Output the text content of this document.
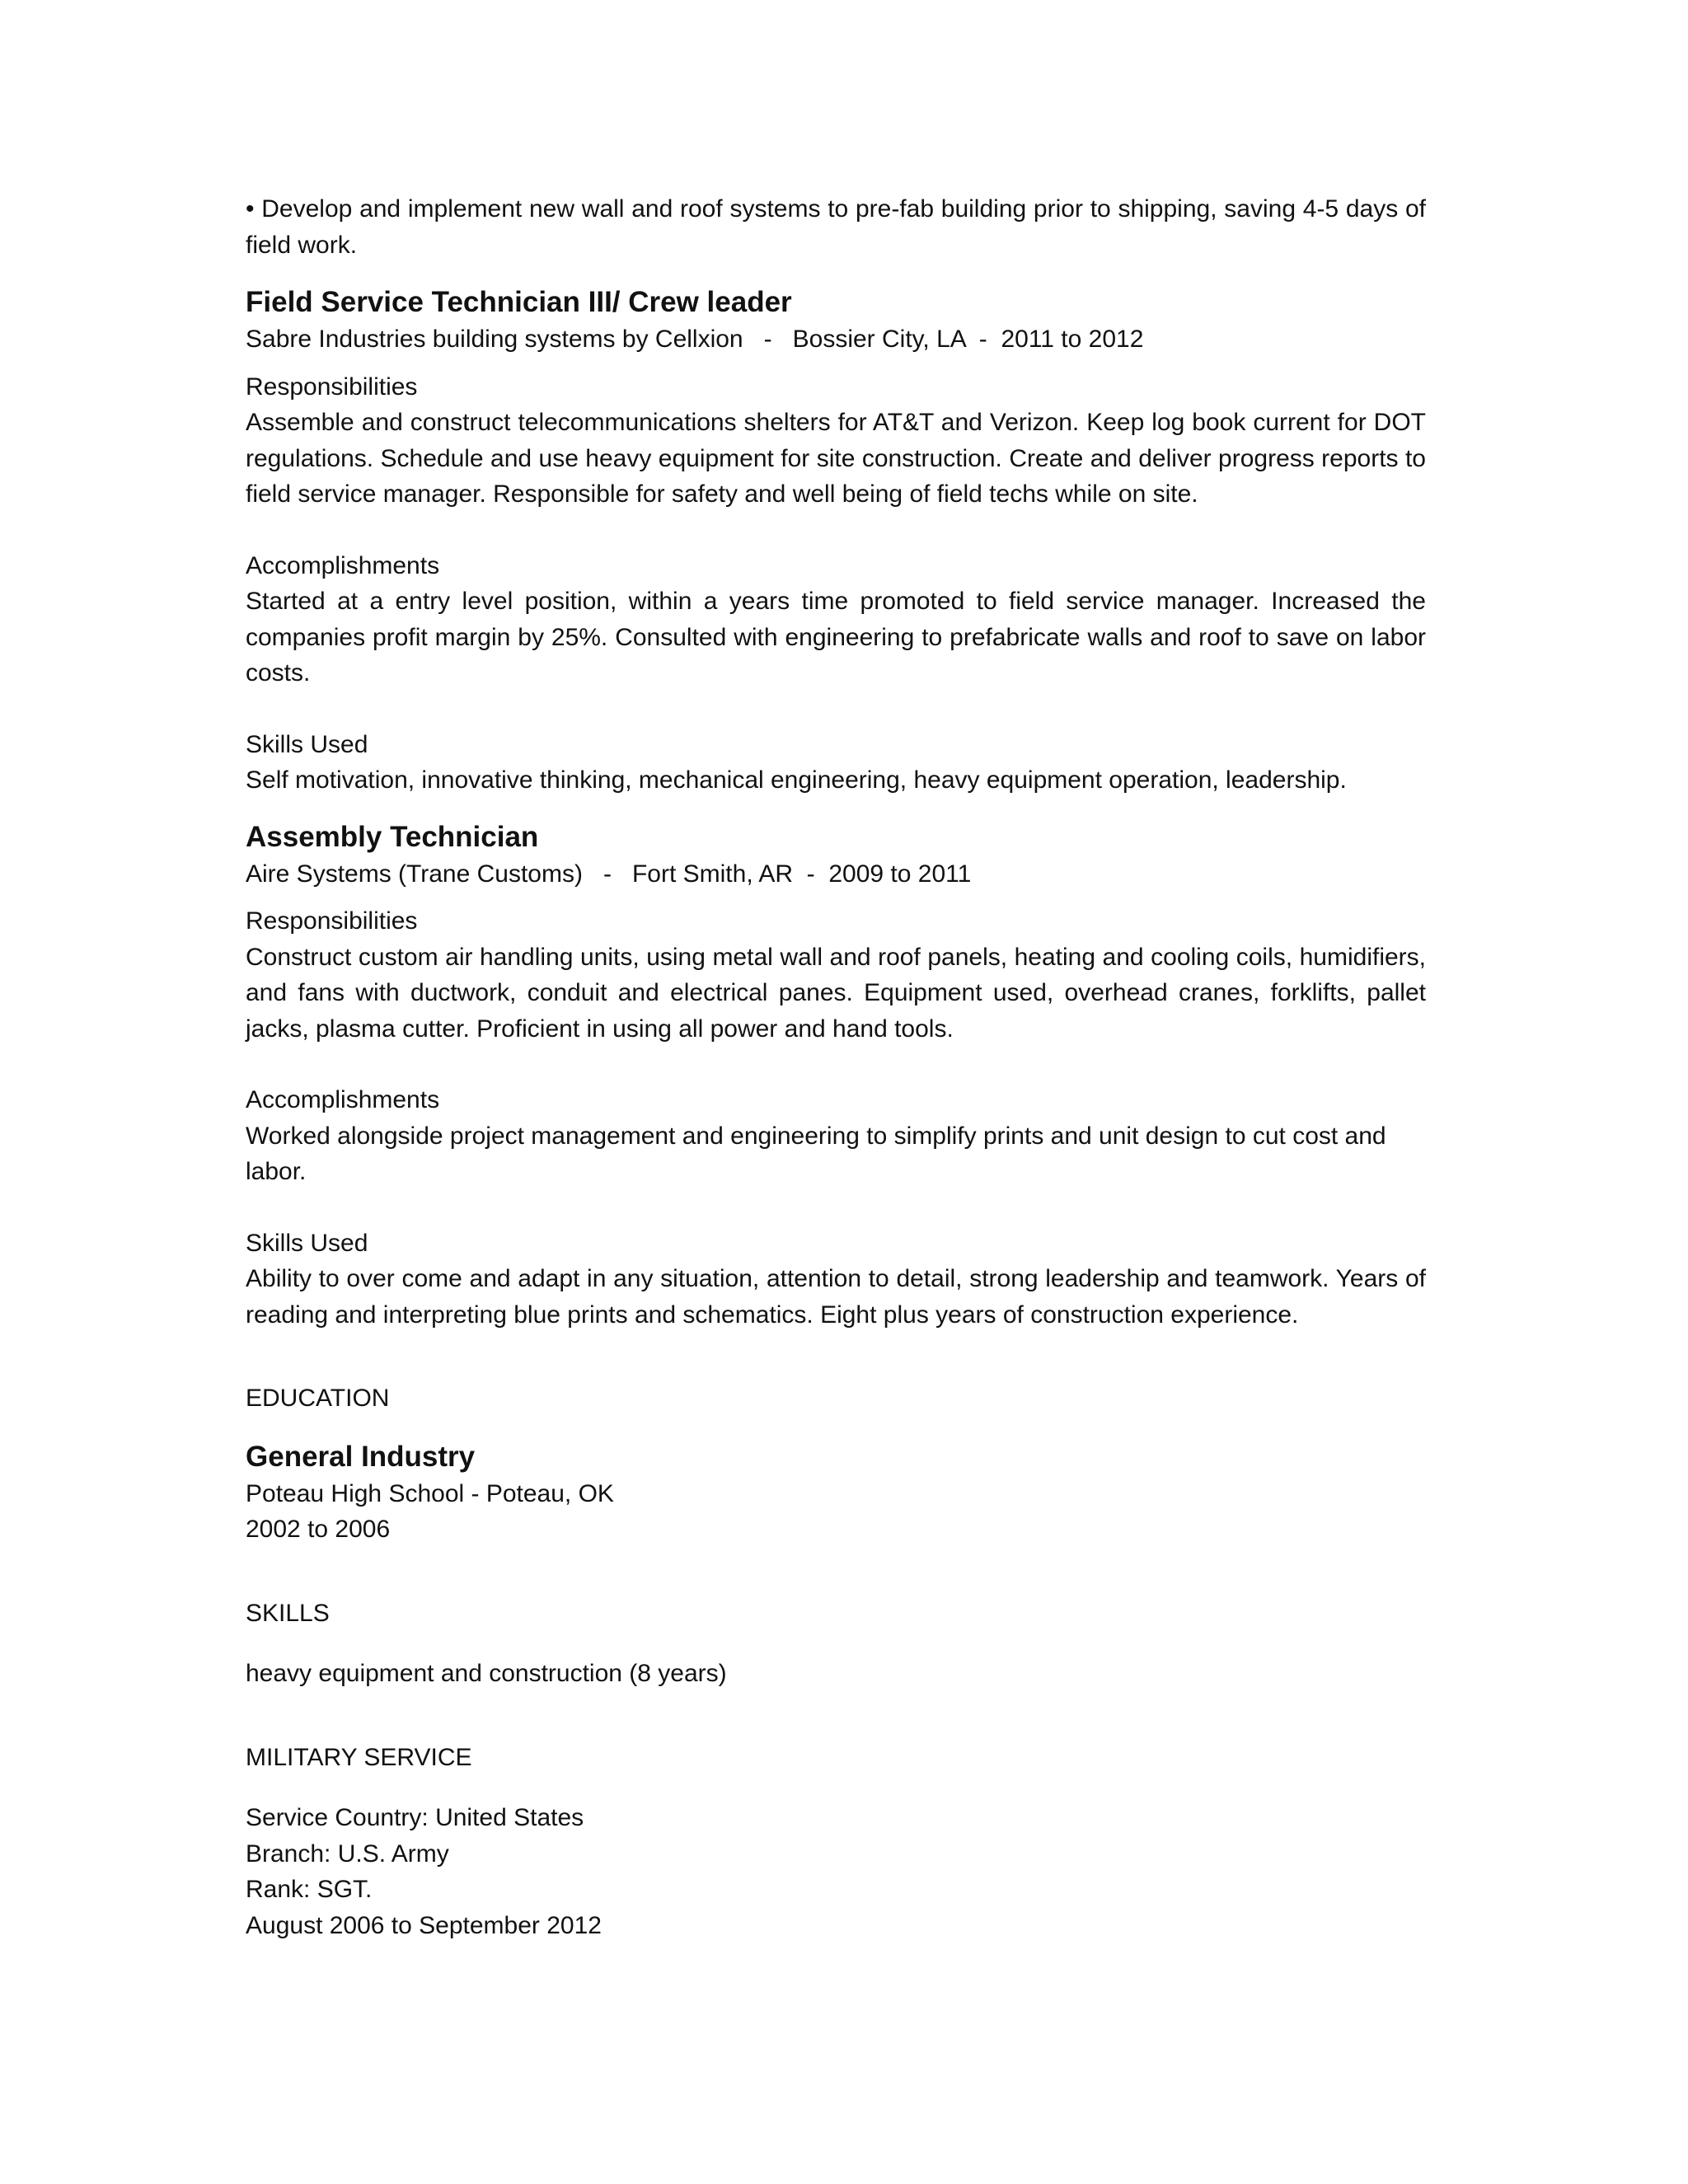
• Develop and implement new wall and roof systems to pre-fab building prior to shipping, saving 4-5 days of field work.

Field Service Technician III/ Crew leader

Sabre Industries building systems by Cellxion   -   Bossier City, LA  -  2011 to 2012

Responsibilities

Assemble and construct telecommunications shelters for AT&T and Verizon. Keep log book current for DOT regulations. Schedule and use heavy equipment for site construction. Create and deliver progress reports to field service manager. Responsible for safety and well being of field techs while on site.

Accomplishments

Started at a entry level position, within a years time promoted to field service manager. Increased the companies profit margin by 25%. Consulted with engineering to prefabricate walls and roof to save on labor costs.

Skills Used

Self motivation, innovative thinking, mechanical engineering, heavy equipment operation, leadership.

Assembly Technician

Aire Systems (Trane Customs)   -   Fort Smith, AR  -  2009 to 2011

Responsibilities

Construct custom air handling units, using metal wall and roof panels, heating and cooling coils, humidifiers, and fans with ductwork, conduit and electrical panes. Equipment used, overhead cranes, forklifts, pallet jacks, plasma cutter. Proficient in using all power and hand tools.

Accomplishments

Worked alongside project management and engineering to simplify prints and unit design to cut cost and labor.

Skills Used

Ability to over come and adapt in any situation, attention to detail, strong leadership and teamwork. Years of reading and interpreting blue prints and schematics. Eight plus years of construction experience.

EDUCATION

General Industry

Poteau High School - Poteau, OK

2002 to 2006

SKILLS

heavy equipment and construction (8 years)

MILITARY SERVICE

Service Country: United States

Branch: U.S. Army

Rank: SGT.

August 2006 to September 2012
